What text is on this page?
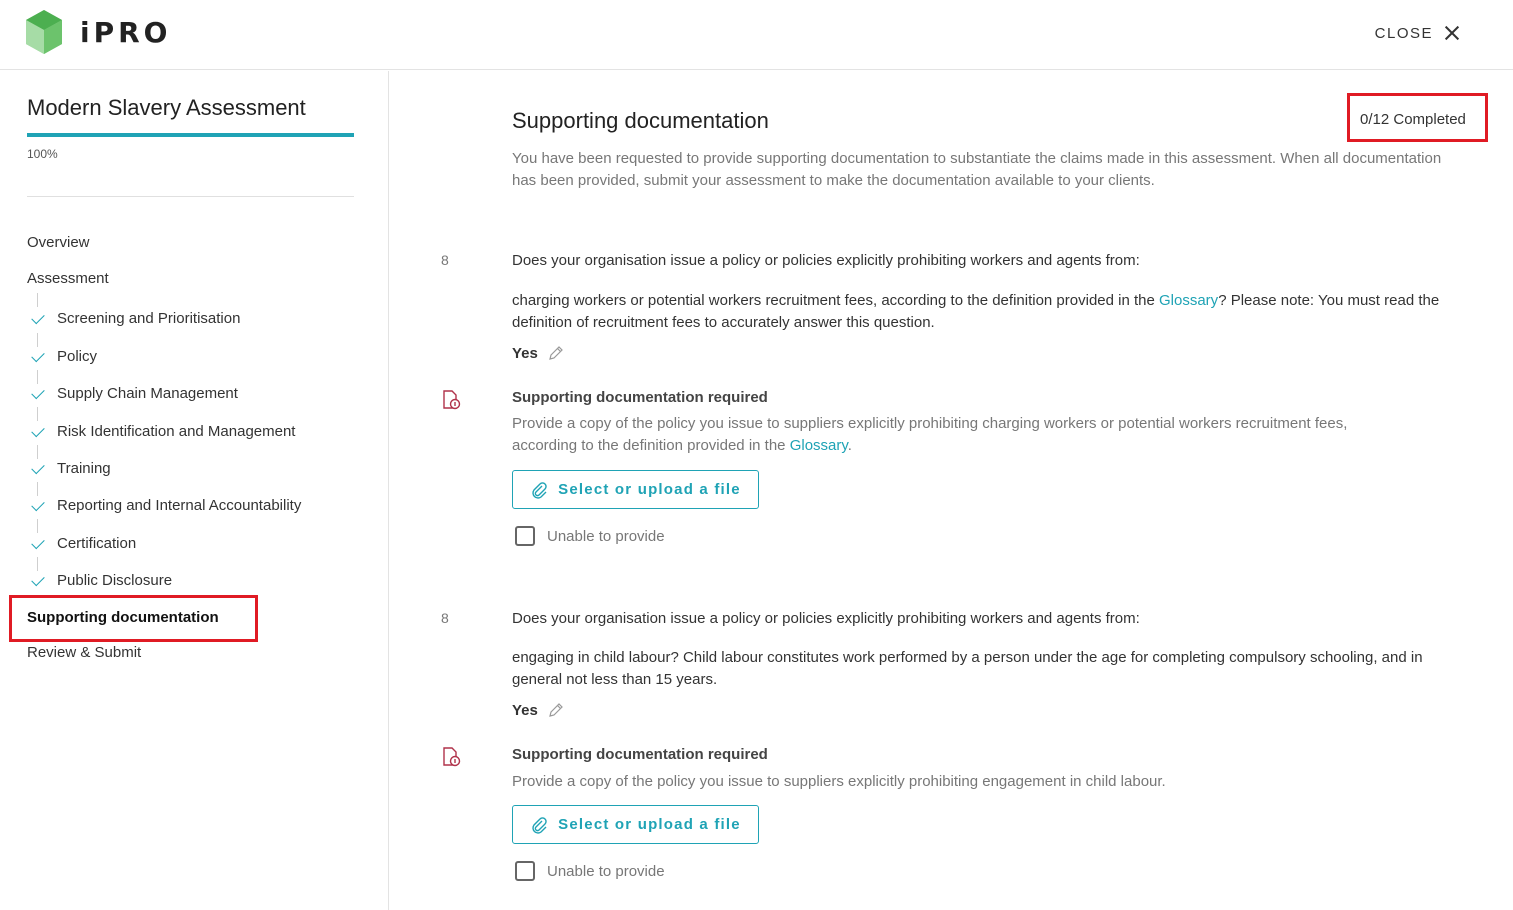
iPRO	CLOSE
Modern Slavery Assessment
100%
Overview
Assessment
Screening and Prioritisation
Policy
Supply Chain Management
Risk Identification and Management
Training
Reporting and Internal Accountability
Certification
Public Disclosure
Supporting documentation
Review & Submit
Supporting documentation	0/12 Completed
You have been requested to provide supporting documentation to substantiate the claims made in this assessment. When all documentation has been provided, submit your assessment to make the documentation available to your clients.
8	Does your organisation issue a policy or policies explicitly prohibiting workers and agents from:
charging workers or potential workers recruitment fees, according to the definition provided in the Glossary? Please note: You must read the definition of recruitment fees to accurately answer this question.
Yes
Supporting documentation required
Provide a copy of the policy you issue to suppliers explicitly prohibiting charging workers or potential workers recruitment fees, according to the definition provided in the Glossary.
Select or upload a file
Unable to provide
8	Does your organisation issue a policy or policies explicitly prohibiting workers and agents from:
engaging in child labour? Child labour constitutes work performed by a person under the age for completing compulsory schooling, and in general not less than 15 years.
Yes
Supporting documentation required
Provide a copy of the policy you issue to suppliers explicitly prohibiting engagement in child labour.
Select or upload a file
Unable to provide
